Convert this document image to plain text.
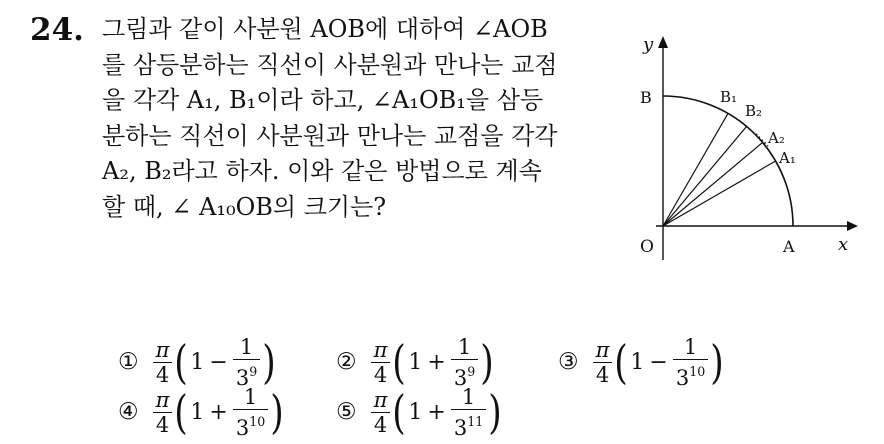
24. 그림과 같이 사분원 AOB에 대하여 ∠AOB
를 삼등분하는 직선이 사분원과 만나는 교점
을 각각 A₁, B₁이라 하고, ∠A₁OB₁을 삼등
분하는 직선이 사분원과 만나는 교점을 각각
A₂, B₂라고 하자. 이와 같은 방법으로 계속
할 때, ∠ A₁₀OB의 크기는?
y
x
O	A
B	B₁
B₂
A₂
A₁
① $\frac{\pi}{4}$ ( $1 - \frac{1}{3^9}$ )	② $\frac{\pi}{4}$ ( $1 + \frac{1}{3^9}$ )	③ $\frac{\pi}{4}$ ( $1 - \frac{1}{3^{10}}$ )
④ $\frac{\pi}{4}$ ( $1 + \frac{1}{3^{10}}$ ) ⑤ $\frac{\pi}{4}$ ( $1 + \frac{1}{3^{11}}$ )
